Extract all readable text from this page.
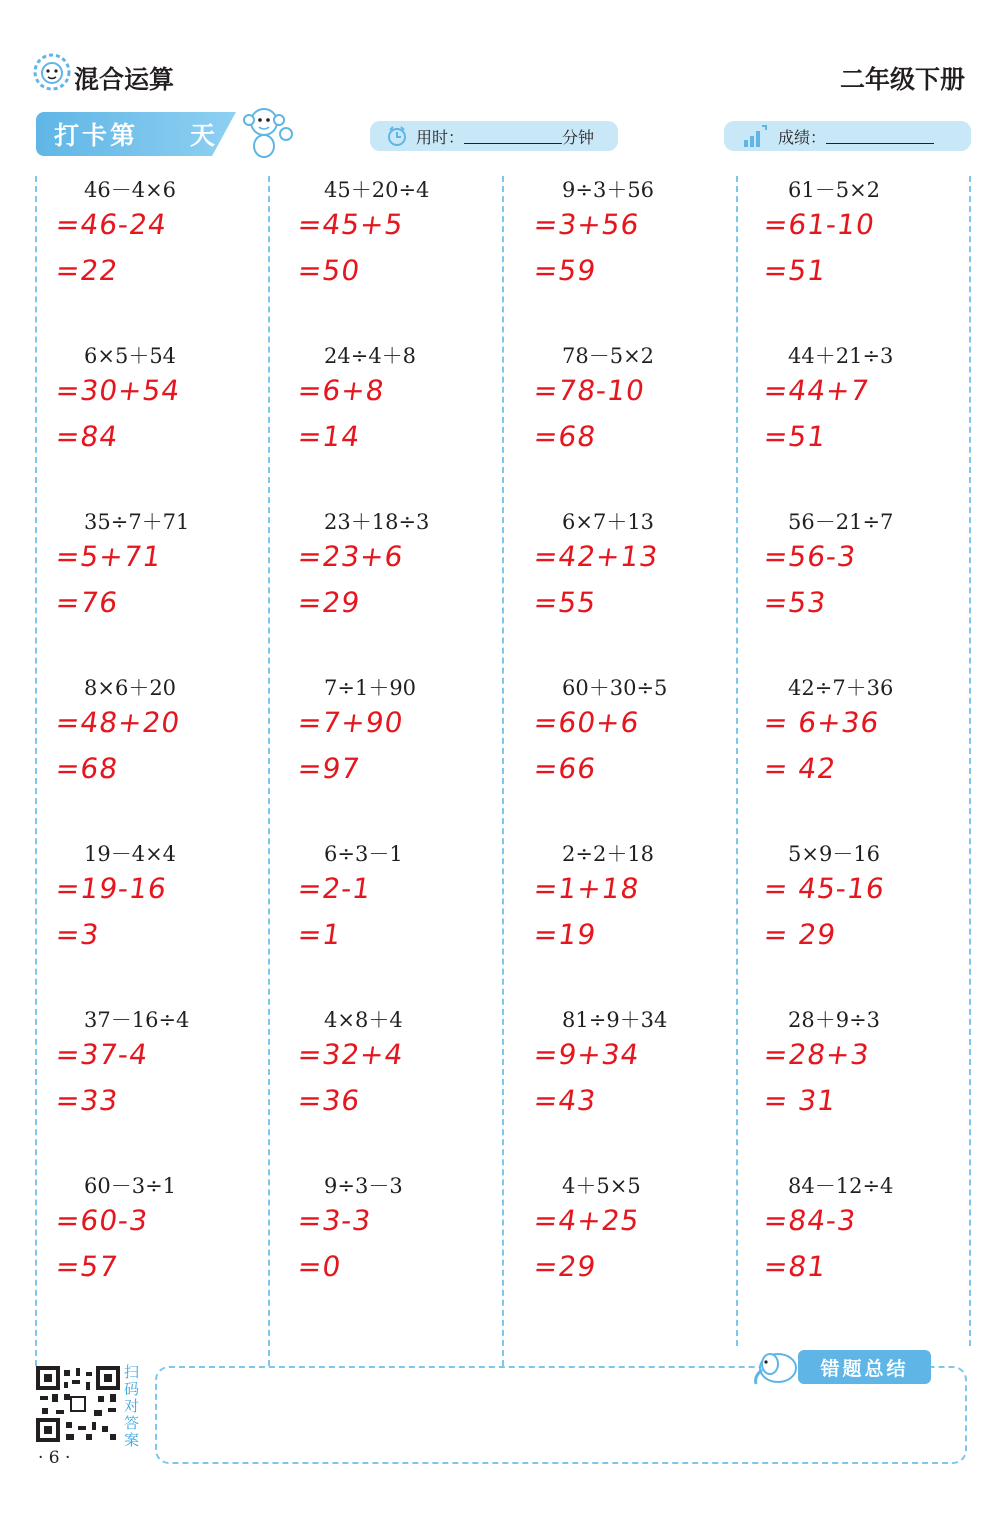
混合运算	二年级下册
打卡第 天	用时：	分钟	成绩：
46－4×6
=46-24
=22
6×5＋54
=30+54
=84
35÷7＋71
=5+71
=76
8×6＋20
=48+20
=68
19－4×4
=19-16
=3
37－16÷4
=37-4
=33
60－3÷1
=60-3
=57
45＋20÷4
=45+5
=50
24÷4＋8
=6+8
=14
23＋18÷3
=23+6
=29
7÷1＋90
=7+90
=97
6÷3－1
=2-1
=1
4×8＋4
=32+4
=36
9÷3－3
=3-3
=0
9÷3＋56
=3+56
=59
78－5×2
=78-10
=68
6×7＋13
=42+13
=55
60＋30÷5
=60+6
=66
2÷2＋18
=1+18
=19
81÷9＋34
=9+34
=43
4＋5×5
=4+25
=29
61－5×2
=61-10
=51
44＋21÷3
=44+7
=51
56－21÷7
=56-3
=53
42÷7＋36
= 6+36
= 42
5×9－16
= 45-16
= 29
28＋9÷3
=28+3
= 31
84－12÷4
=84-3
=81
扫码对答案
· 6 ·
错题总结
